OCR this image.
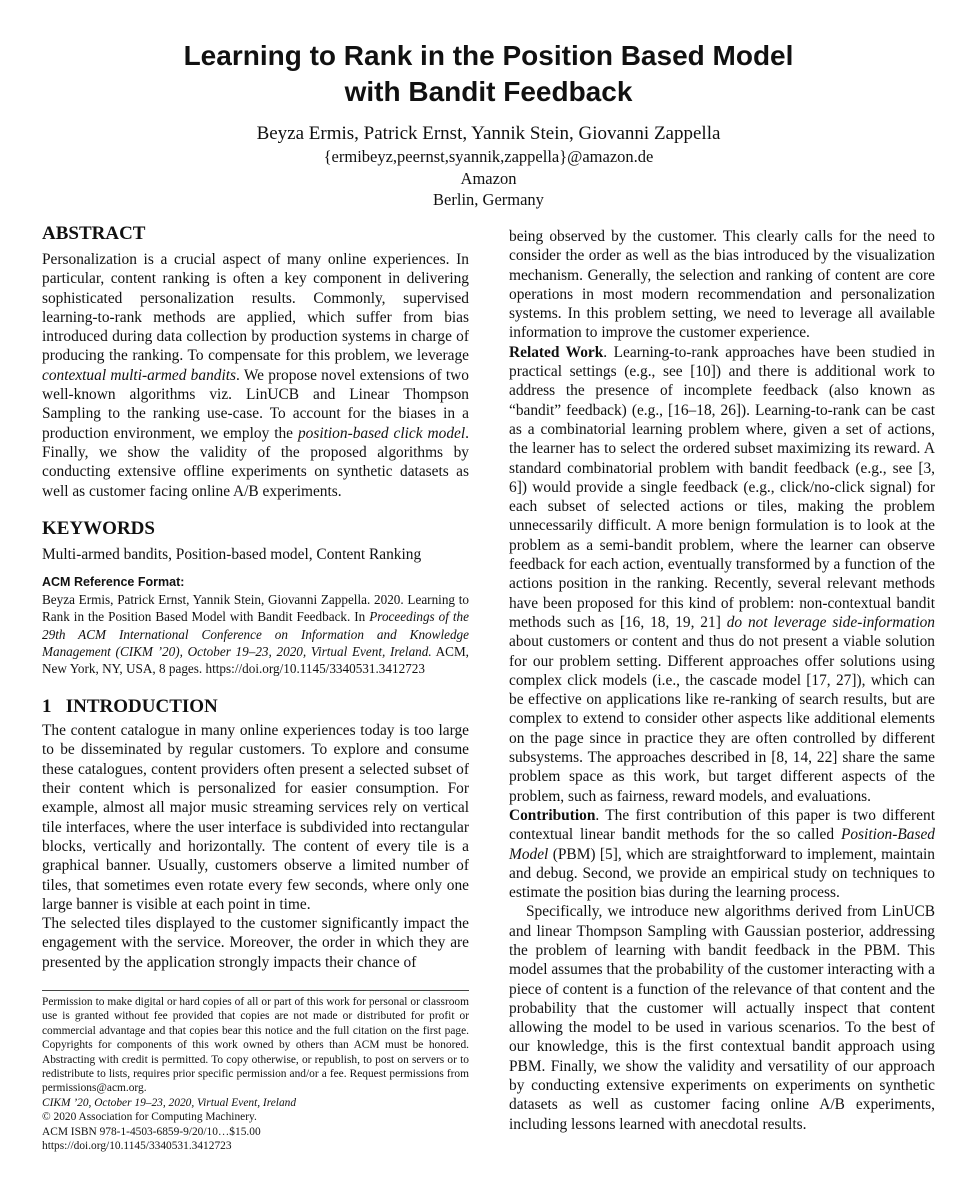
Learning to Rank in the Position Based Model
with Bandit Feedback
Beyza Ermis, Patrick Ernst, Yannik Stein, Giovanni Zappella
{ermibeyz,peernst,syannik,zappella}@amazon.de
Amazon
Berlin, Germany
ABSTRACT

Personalization is a crucial aspect of many online experiences. In particular, content ranking is often a key component in delivering sophisticated personalization results. Commonly, supervised learning-to-rank methods are applied, which suffer from bias introduced during data collection by production systems in charge of producing the ranking. To compensate for this problem, we leverage contextual multi-armed bandits. We propose novel extensions of two well-known algorithms viz. LinUCB and Linear Thompson Sampling to the ranking use-case. To account for the biases in a production environment, we employ the position-based click model. Finally, we show the validity of the proposed algorithms by conducting extensive offline experiments on synthetic datasets as well as customer facing online A/B experiments.

KEYWORDS
Multi-armed bandits, Position-based model, Content Ranking
ACM Reference Format:
Beyza Ermis, Patrick Ernst, Yannik Stein, Giovanni Zappella. 2020. Learning to Rank in the Position Based Model with Bandit Feedback. In Proceedings of the 29th ACM International Conference on Information and Knowledge Management (CIKM ’20), October 19–23, 2020, Virtual Event, Ireland. ACM, New York, NY, USA, 8 pages. https://doi.org/10.1145/3340531.3412723
1   INTRODUCTION

The content catalogue in many online experiences today is too large to be disseminated by regular customers. To explore and consume these catalogues, content providers often present a selected subset of their content which is personalized for easier consumption. For example, almost all major music streaming services rely on vertical tile interfaces, where the user interface is subdivided into rectangular blocks, vertically and horizontally. The content of every tile is a graphical banner. Usually, customers observe a limited number of tiles, that sometimes even rotate every few seconds, where only one large banner is visible at each point in time.

The selected tiles displayed to the customer significantly impact the engagement with the service. Moreover, the order in which they are presented by the application strongly impacts their chance of

Permission to make digital or hard copies of all or part of this work for personal or classroom use is granted without fee provided that copies are not made or distributed for profit or commercial advantage and that copies bear this notice and the full citation on the first page. Copyrights for components of this work owned by others than ACM must be honored. Abstracting with credit is permitted. To copy otherwise, or republish, to post on servers or to redistribute to lists, requires prior specific permission and/or a fee. Request permissions from permissions@acm.org.

CIKM ’20, October 19–23, 2020, Virtual Event, Ireland
© 2020 Association for Computing Machinery.
ACM ISBN 978-1-4503-6859-9/20/10…$15.00
https://doi.org/10.1145/3340531.3412723

being observed by the customer. This clearly calls for the need to consider the order as well as the bias introduced by the visualization mechanism. Generally, the selection and ranking of content are core operations in most modern recommendation and personalization systems. In this problem setting, we need to leverage all available information to improve the customer experience.

Related Work. Learning-to-rank approaches have been studied in practical settings (e.g., see [10]) and there is additional work to address the presence of incomplete feedback (also known as “bandit” feedback) (e.g., [16–18, 26]). Learning-to-rank can be cast as a combinatorial learning problem where, given a set of actions, the learner has to select the ordered subset maximizing its reward. A standard combinatorial problem with bandit feedback (e.g., see [3, 6]) would provide a single feedback (e.g., click/no-click signal) for each subset of selected actions or tiles, making the problem unnecessarily difficult. A more benign formulation is to look at the problem as a semi-bandit problem, where the learner can observe feedback for each action, eventually transformed by a function of the actions position in the ranking. Recently, several relevant methods have been proposed for this kind of problem: non-contextual bandit methods such as [16, 18, 19, 21] do not leverage side-information about customers or content and thus do not present a viable solution for our problem setting. Different approaches offer solutions using complex click models (i.e., the cascade model [17, 27]), which can be effective on applications like re-ranking of search results, but are complex to extend to consider other aspects like additional elements on the page since in practice they are often controlled by different subsystems. The approaches described in [8, 14, 22] share the same problem space as this work, but target different aspects of the problem, such as fairness, reward models, and evaluations.

Contribution. The first contribution of this paper is two different contextual linear bandit methods for the so called Position-Based Model (PBM) [5], which are straightforward to implement, maintain and debug. Second, we provide an empirical study on techniques to estimate the position bias during the learning process.

Specifically, we introduce new algorithms derived from LinUCB and linear Thompson Sampling with Gaussian posterior, addressing the problem of learning with bandit feedback in the PBM. This model assumes that the probability of the customer interacting with a piece of content is a function of the relevance of that content and the probability that the customer will actually inspect that content allowing the model to be used in various scenarios. To the best of our knowledge, this is the first contextual bandit approach using PBM. Finally, we show the validity and versatility of our approach by conducting extensive experiments on experiments on synthetic datasets as well as customer facing online A/B experiments, including lessons learned with anecdotal results.
